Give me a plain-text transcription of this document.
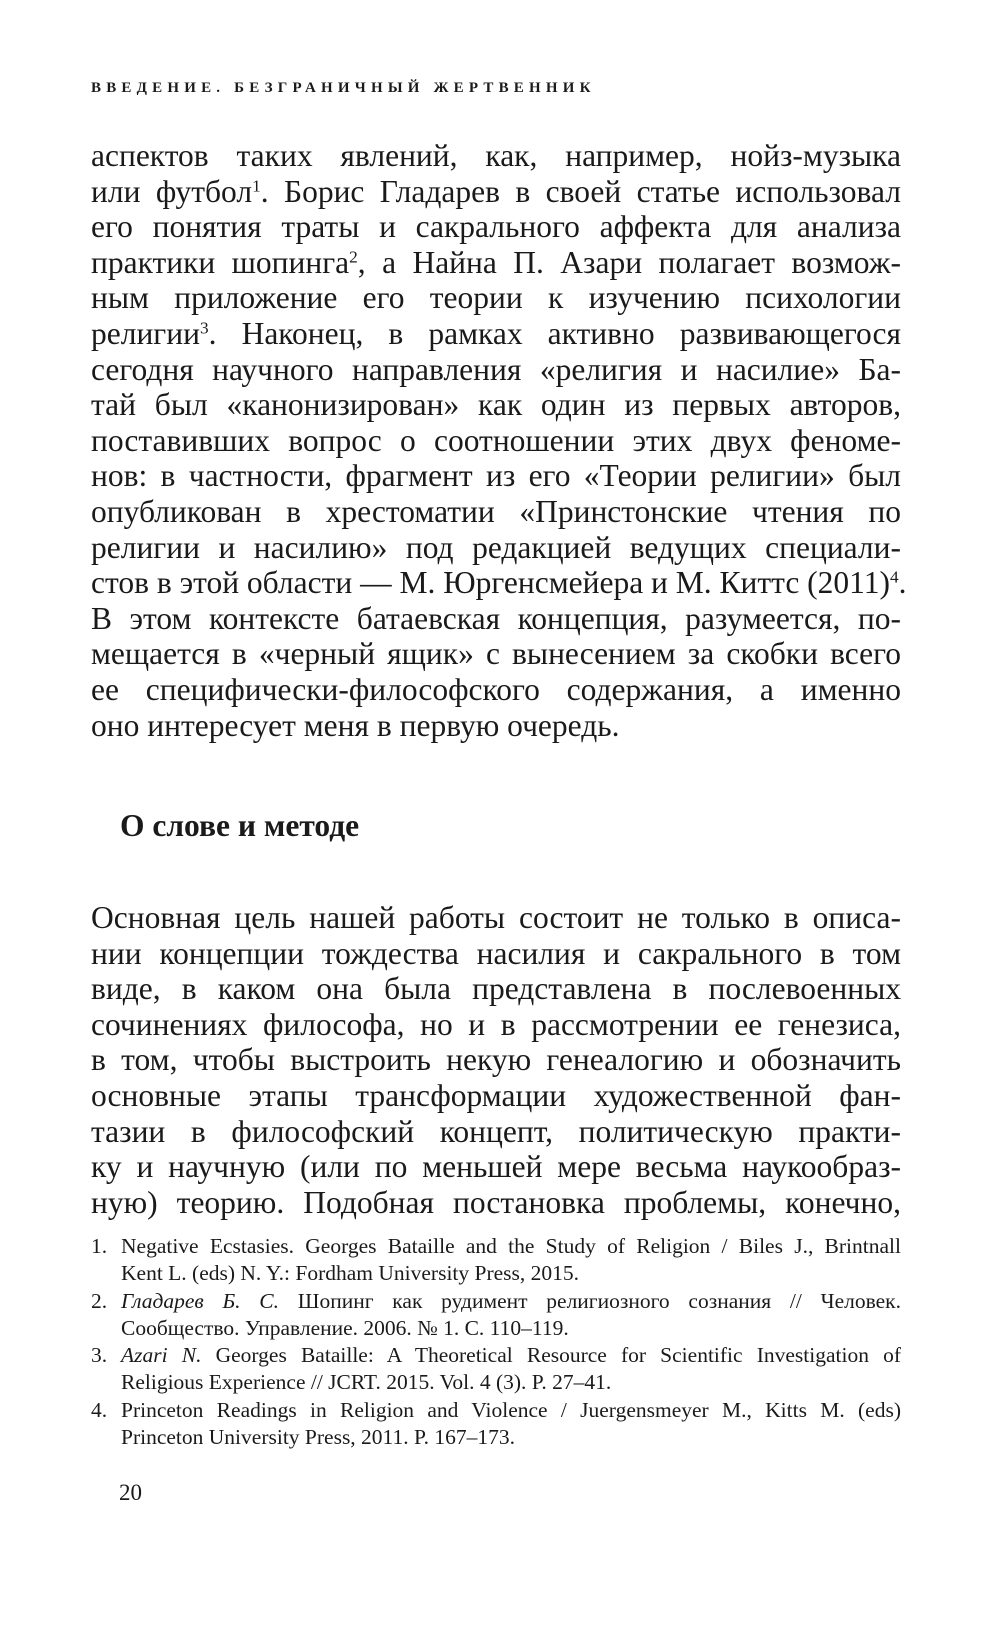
ВВЕДЕНИЕ. БЕЗГРАНИЧНЫЙ ЖЕРТВЕННИК
аспектов таких явлений, как, например, нойз-музыка
или футбол$^1$. Борис Гладарев в своей статье использовал
его понятия траты и сакрального аффекта для анализа
практики шопинга$^2$, а Найна П. Азари полагает возмож-
ным приложение его теории к изучению психологии
религии$^3$. Наконец, в рамках активно развивающегося
сегодня научного направления «религия и насилие» Ба-
тай был «канонизирован» как один из первых авторов,
поставивших вопрос о соотношении этих двух феноме-
нов: в частности, фрагмент из его «Теории религии» был
опубликован в хрестоматии «Принстонские чтения по
религии и насилию» под редакцией ведущих специали-
стов в этой области — М. Юргенсмейера и М. Киттс $(2011)^4$.
В этом контексте батаевская концепция, разумеется, по-
мещается в «черный ящик» с вынесением за скобки всего
ее специфически-философского содержания, а именно
оно интересует меня в первую очередь.
О слове и методе
Основная цель нашей работы состоит не только в описа-
нии концепции тождества насилия и сакрального в том
виде, в каком она была представлена в послевоенных
сочинениях философа, но и в рассмотрении ее генезиса,
в том, чтобы выстроить некую генеалогию и обозначить
основные этапы трансформации художественной фан-
тазии в философский концепт, политическую практи-
ку и научную (или по меньшей мере весьма наукообраз-
ную) теорию. Подобная постановка проблемы, конечно,
1. Negative Ecstasies. Georges Bataille and the Study of Religion / Biles J., Brintnall
Kent L. (eds) N. Y.: Fordham University Press, 2015.
2. Гладарев Б. С. Шопинг как рудимент религиозного сознания // Человек.
Сообщество. Управление. 2006. № 1. С. 110–119.
3. Azari N. Georges Bataille: A Theoretical Resource for Scientific Investigation of
Religious Experience // JCRT. 2015. Vol. 4 (3). P. 27–41.
4. Princeton Readings in Religion and Violence / Juergensmeyer M., Kitts M. (eds)
Princeton University Press, 2011. P. 167–173.
20
